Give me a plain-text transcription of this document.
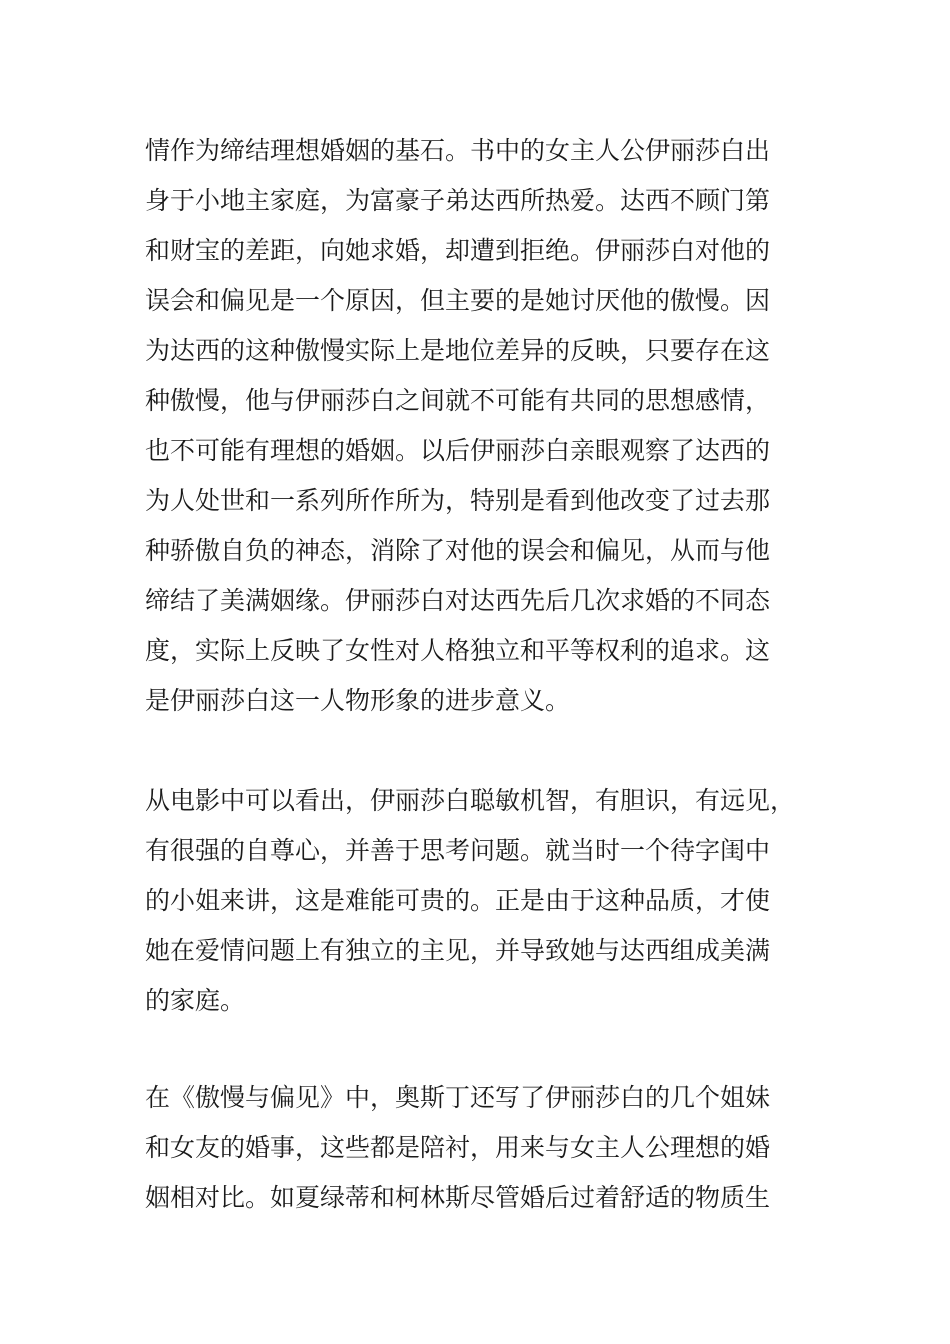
情作为缔结理想婚姻的基石。书中的女主人公伊丽莎白出
身于小地主家庭，为富豪子弟达西所热爱。达西不顾门第
和财宝的差距，向她求婚，却遭到拒绝。伊丽莎白对他的
误会和偏见是一个原因，但主要的是她讨厌他的傲慢。因
为达西的这种傲慢实际上是地位差异的反映，只要存在这
种傲慢，他与伊丽莎白之间就不可能有共同的思想感情，
也不可能有理想的婚姻。以后伊丽莎白亲眼观察了达西的
为人处世和一系列所作所为，特别是看到他改变了过去那
种骄傲自负的神态，消除了对他的误会和偏见，从而与他
缔结了美满姻缘。伊丽莎白对达西先后几次求婚的不同态
度，实际上反映了女性对人格独立和平等权利的追求。这
是伊丽莎白这一人物形象的进步意义。
从电影中可以看出，伊丽莎白聪敏机智，有胆识，有远见，
有很强的自尊心，并善于思考问题。就当时一个待字闺中
的小姐来讲，这是难能可贵的。正是由于这种品质，才使
她在爱情问题上有独立的主见，并导致她与达西组成美满
的家庭。
在《傲慢与偏见》中，奥斯丁还写了伊丽莎白的几个姐妹
和女友的婚事，这些都是陪衬，用来与女主人公理想的婚
姻相对比。如夏绿蒂和柯林斯尽管婚后过着舒适的物质生
